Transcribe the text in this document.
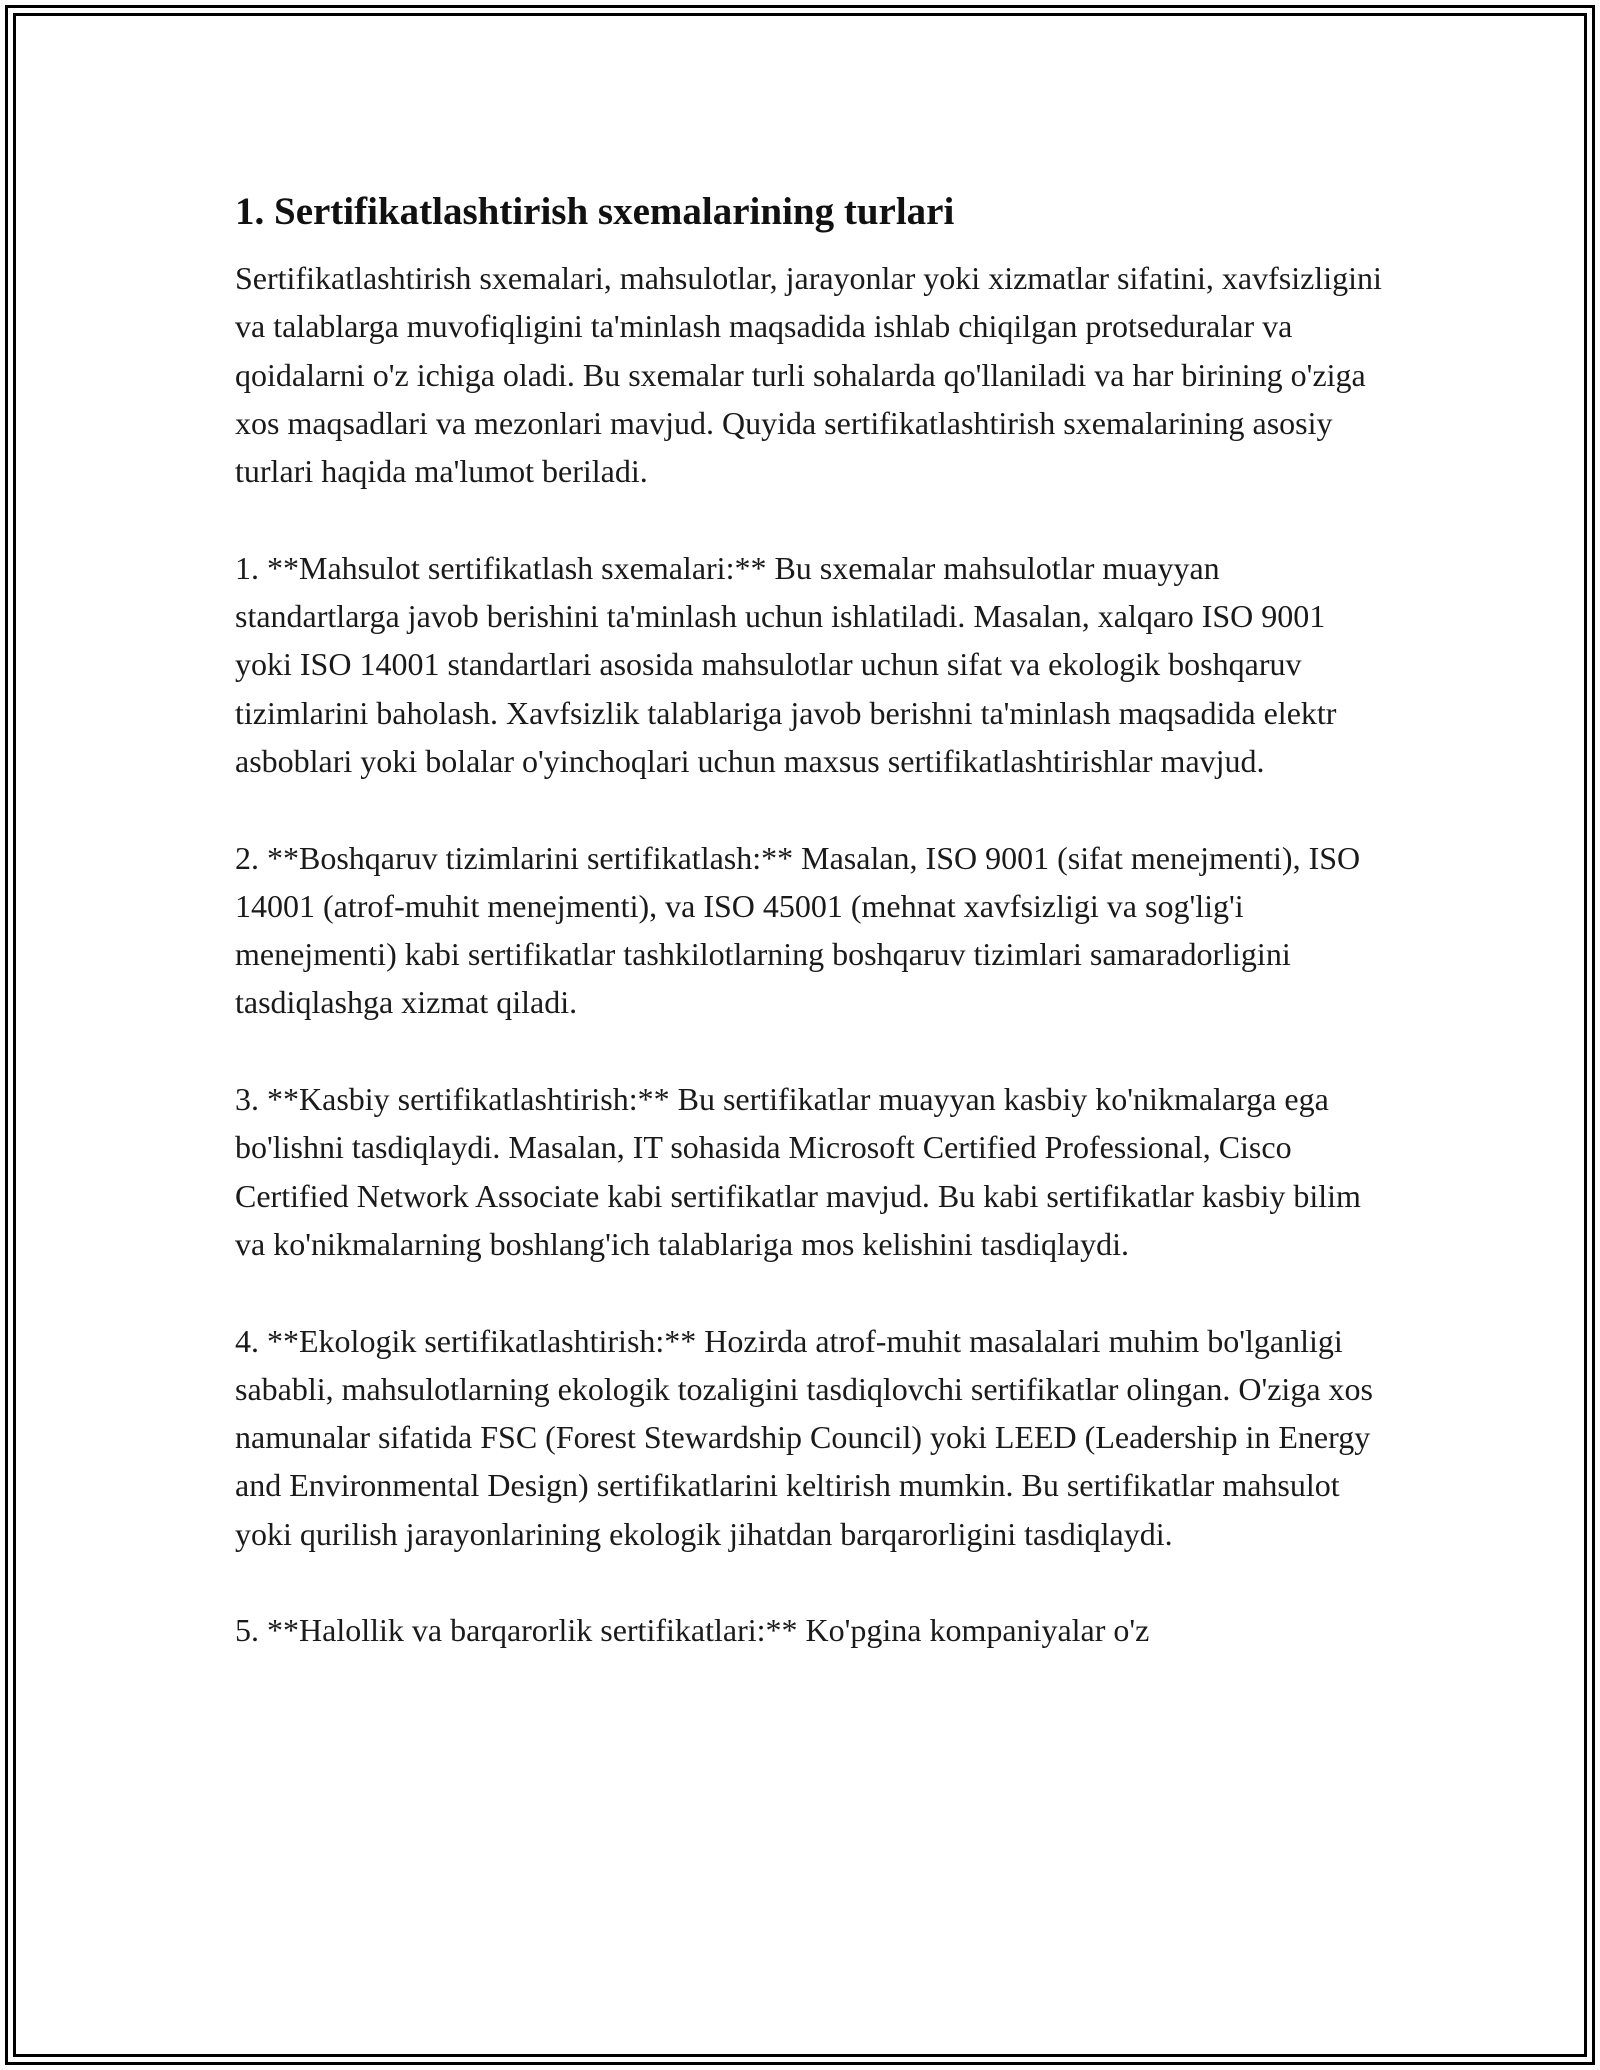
1. Sertifikatlashtirish sxemalarining turlari

Sertifikatlashtirish sxemalari, mahsulotlar, jarayonlar yoki xizmatlar sifatini, xavfsizligini va talablarga muvofiqligini ta'minlash maqsadida ishlab chiqilgan protseduralar va qoidalarni o'z ichiga oladi. Bu sxemalar turli sohalarda qo'llaniladi va har birining o'ziga xos maqsadlari va mezonlari mavjud. Quyida sertifikatlashtirish sxemalarining asosiy turlari haqida ma'lumot beriladi.

1. **Mahsulot sertifikatlash sxemalari:** Bu sxemalar mahsulotlar muayyan standartlarga javob berishini ta'minlash uchun ishlatiladi. Masalan, xalqaro ISO 9001 yoki ISO 14001 standartlari asosida mahsulotlar uchun sifat va ekologik boshqaruv tizimlarini baholash. Xavfsizlik talablariga javob berishni ta'minlash maqsadida elektr asboblari yoki bolalar o'yinchoqlari uchun maxsus sertifikatlashtirishlar mavjud.

2. **Boshqaruv tizimlarini sertifikatlash:** Masalan, ISO 9001 (sifat menejmenti), ISO 14001 (atrof-muhit menejmenti), va ISO 45001 (mehnat xavfsizligi va sog'lig'i menejmenti) kabi sertifikatlar tashkilotlarning boshqaruv tizimlari samaradorligini tasdiqlashga xizmat qiladi.

3. **Kasbiy sertifikatlashtirish:** Bu sertifikatlar muayyan kasbiy ko'nikmalarga ega bo'lishni tasdiqlaydi. Masalan, IT sohasida Microsoft Certified Professional, Cisco Certified Network Associate kabi sertifikatlar mavjud. Bu kabi sertifikatlar kasbiy bilim va ko'nikmalarning boshlang'ich talablariga mos kelishini tasdiqlaydi.

4. **Ekologik sertifikatlashtirish:** Hozirda atrof-muhit masalalari muhim bo'lganligi sababli, mahsulotlarning ekologik tozaligini tasdiqlovchi sertifikatlar olingan. O'ziga xos namunalar sifatida FSC (Forest Stewardship Council) yoki LEED (Leadership in Energy and Environmental Design) sertifikatlarini keltirish mumkin. Bu sertifikatlar mahsulot yoki qurilish jarayonlarining ekologik jihatdan barqarorligini tasdiqlaydi.

5. **Halollik va barqarorlik sertifikatlari:** Ko'pgina kompaniyalar o'z
